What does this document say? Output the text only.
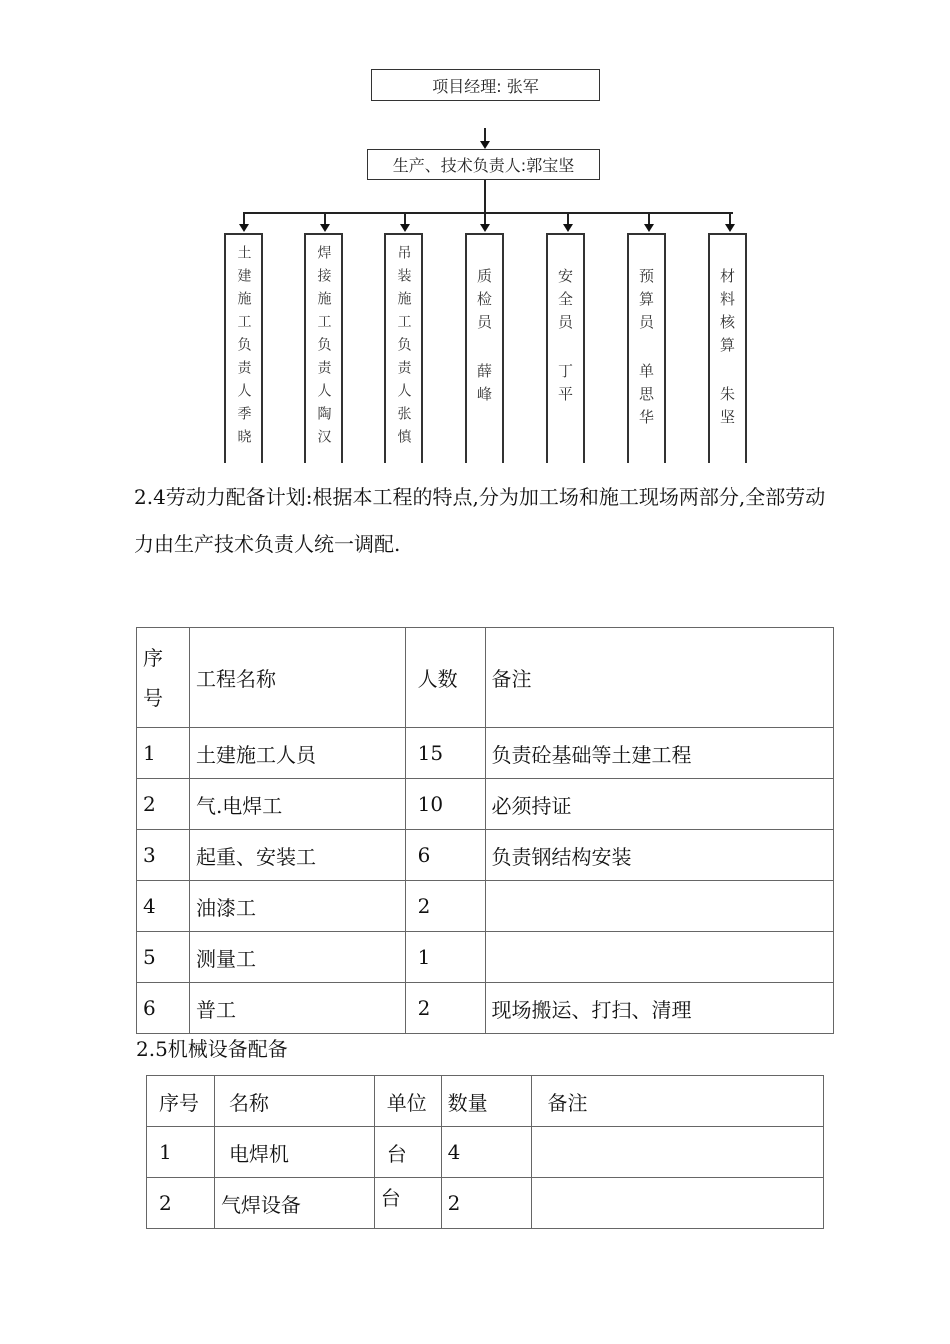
项目经理: 张军
生产、技术负责人:郭宝坚
土建施工负责人季晓	焊接施工负责人陶汉	吊装施工负责人张慎	质检员 薛峰	安全员 丁平	预算员 单思华	材料核算 朱坚
2.4劳动力配备计划:根据本工程的特点,分为加工场和施工现场两部分,全部劳动力由生产技术负责人统一调配.
序号	工程名称	人数	备注
1	土建施工人员	15	负责砼基础等土建工程
2	气.电焊工	10	必须持证
3	起重、安装工	6	负责钢结构安装
4	油漆工	2	
5	测量工	1	
6	普工	2	现场搬运、打扫、清理
2.5机械设备配备
序号	名称	单位	数量	备注
1	电焊机	台	4	
2	气焊设备	台	2	
